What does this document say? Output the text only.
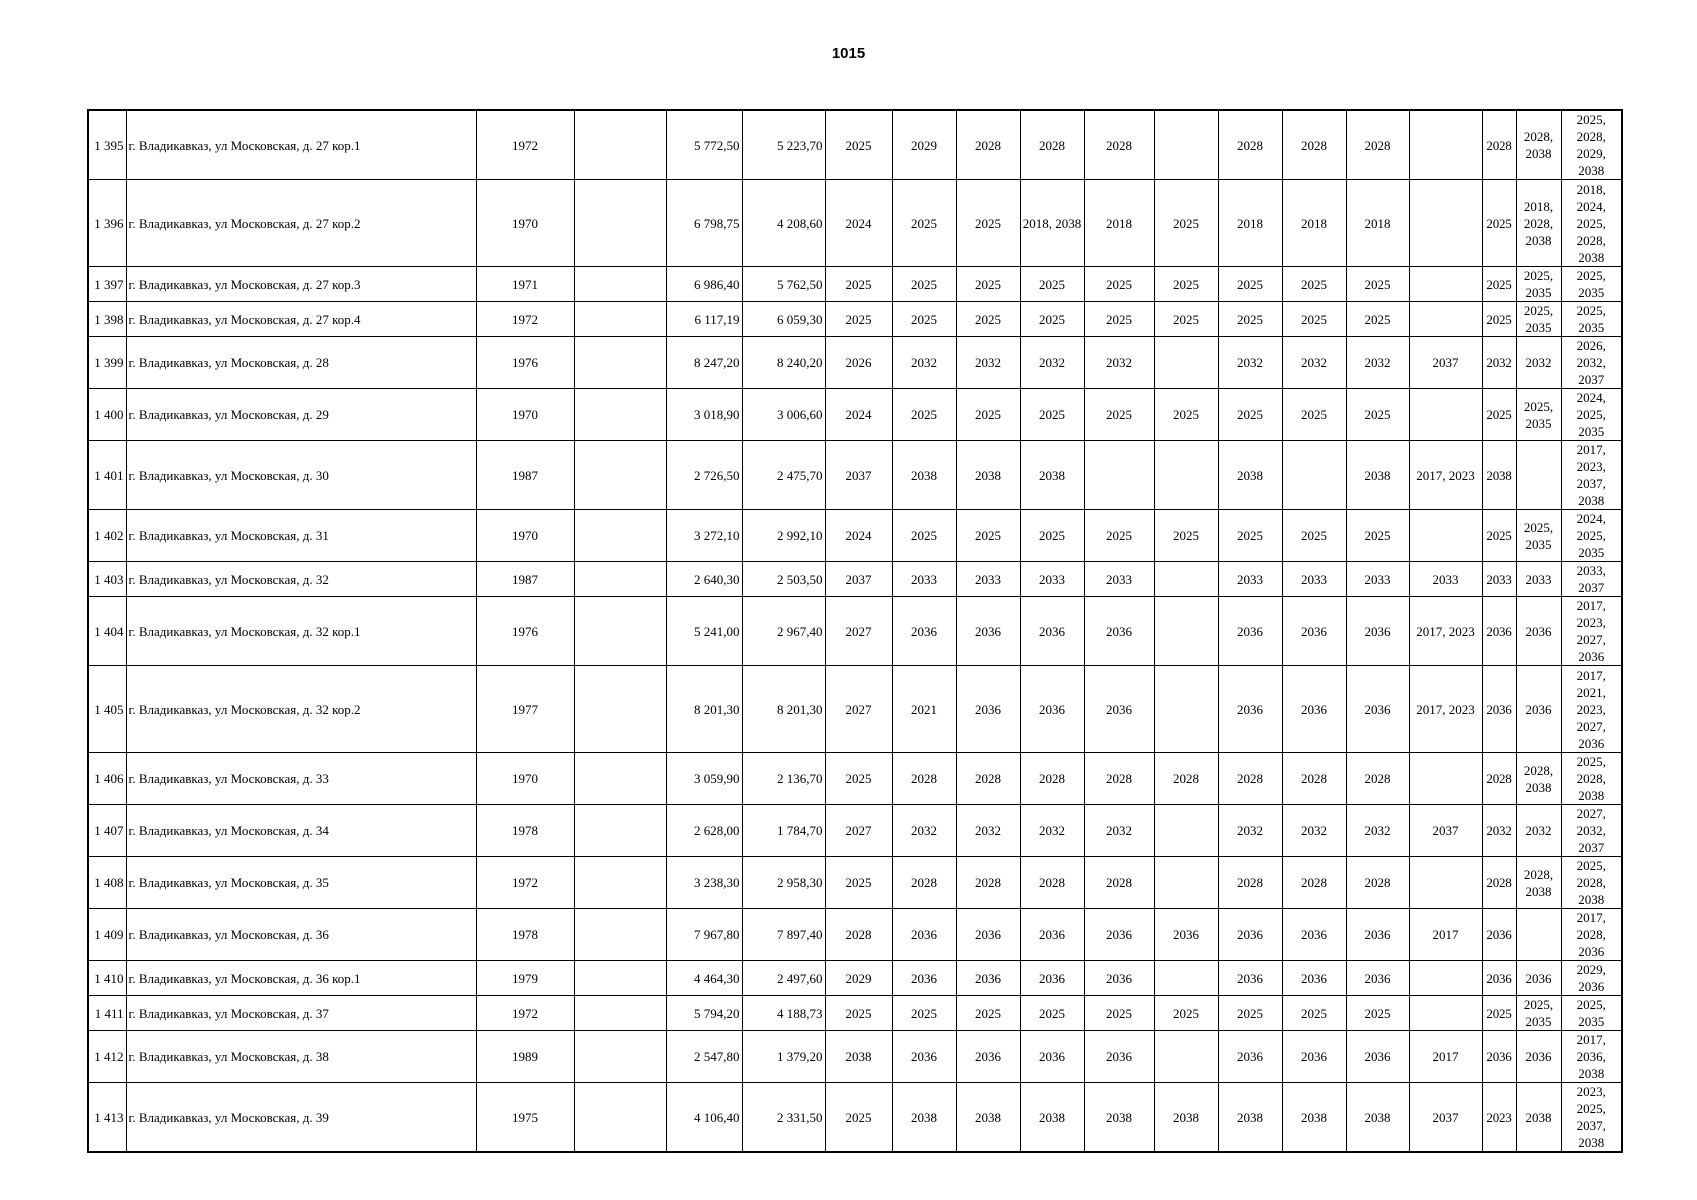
1015
1 395	г. Владикавказ, ул Московская, д. 27 кор.1	1972		5 772,50	5 223,70	2025	2029	2028	2028	2028		2028	2028	2028		2028	2028, 2038	2025, 2028, 2029, 2038
1 396	г. Владикавказ, ул Московская, д. 27 кор.2	1970		6 798,75	4 208,60	2024	2025	2025	2018, 2038	2018	2025	2018	2018	2018		2025	2018, 2028, 2038	2018, 2024, 2025, 2028, 2038
1 397	г. Владикавказ, ул Московская, д. 27 кор.3	1971		6 986,40	5 762,50	2025	2025	2025	2025	2025	2025	2025	2025	2025		2025	2025, 2035	2025, 2035
1 398	г. Владикавказ, ул Московская, д. 27 кор.4	1972		6 117,19	6 059,30	2025	2025	2025	2025	2025	2025	2025	2025	2025		2025	2025, 2035	2025, 2035
1 399	г. Владикавказ, ул Московская, д. 28	1976		8 247,20	8 240,20	2026	2032	2032	2032	2032		2032	2032	2032	2037	2032	2032	2026, 2032, 2037
1 400	г. Владикавказ, ул Московская, д. 29	1970		3 018,90	3 006,60	2024	2025	2025	2025	2025	2025	2025	2025	2025		2025	2025, 2035	2024, 2025, 2035
1 401	г. Владикавказ, ул Московская, д. 30	1987		2 726,50	2 475,70	2037	2038	2038	2038			2038		2038	2017, 2023	2038		2017, 2023, 2037, 2038
1 402	г. Владикавказ, ул Московская, д. 31	1970		3 272,10	2 992,10	2024	2025	2025	2025	2025	2025	2025	2025	2025		2025	2025, 2035	2024, 2025, 2035
1 403	г. Владикавказ, ул Московская, д. 32	1987		2 640,30	2 503,50	2037	2033	2033	2033	2033		2033	2033	2033	2033	2033	2033	2033, 2037
1 404	г. Владикавказ, ул Московская, д. 32 кор.1	1976		5 241,00	2 967,40	2027	2036	2036	2036	2036		2036	2036	2036	2017, 2023	2036	2036	2017, 2023, 2027, 2036
1 405	г. Владикавказ, ул Московская, д. 32 кор.2	1977		8 201,30	8 201,30	2027	2021	2036	2036	2036		2036	2036	2036	2017, 2023	2036	2036	2017, 2021, 2023, 2027, 2036
1 406	г. Владикавказ, ул Московская, д. 33	1970		3 059,90	2 136,70	2025	2028	2028	2028	2028	2028	2028	2028	2028		2028	2028, 2038	2025, 2028, 2038
1 407	г. Владикавказ, ул Московская, д. 34	1978		2 628,00	1 784,70	2027	2032	2032	2032	2032		2032	2032	2032	2037	2032	2032	2027, 2032, 2037
1 408	г. Владикавказ, ул Московская, д. 35	1972		3 238,30	2 958,30	2025	2028	2028	2028	2028		2028	2028	2028		2028	2028, 2038	2025, 2028, 2038
1 409	г. Владикавказ, ул Московская, д. 36	1978		7 967,80	7 897,40	2028	2036	2036	2036	2036	2036	2036	2036	2036	2017	2036		2017, 2028, 2036
1 410	г. Владикавказ, ул Московская, д. 36 кор.1	1979		4 464,30	2 497,60	2029	2036	2036	2036	2036		2036	2036	2036		2036	2036	2029, 2036
1 411	г. Владикавказ, ул Московская, д. 37	1972		5 794,20	4 188,73	2025	2025	2025	2025	2025	2025	2025	2025	2025		2025	2025, 2035	2025, 2035
1 412	г. Владикавказ, ул Московская, д. 38	1989		2 547,80	1 379,20	2038	2036	2036	2036	2036		2036	2036	2036	2017	2036	2036	2017, 2036, 2038
1 413	г. Владикавказ, ул Московская, д. 39	1975		4 106,40	2 331,50	2025	2038	2038	2038	2038	2038	2038	2038	2038	2037	2023	2038	2023, 2025, 2037, 2038
